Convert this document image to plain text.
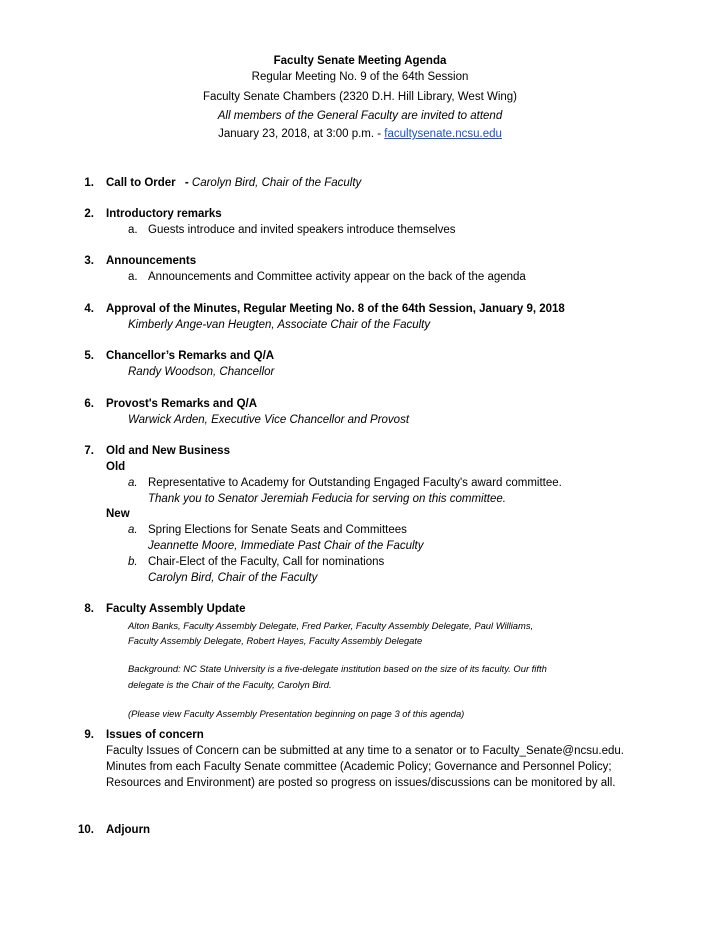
Faculty Senate Meeting Agenda
Regular Meeting No. 9 of the 64th Session
Faculty Senate Chambers (2320 D.H. Hill Library, West Wing)
All members of the General Faculty are invited to attend
January 23, 2018, at 3:00 p.m. - facultysenate.ncsu.edu
1. Call to Order - Carolyn Bird, Chair of the Faculty
2. Introductory remarks
a. Guests introduce and invited speakers introduce themselves
3. Announcements
a. Announcements and Committee activity appear on the back of the agenda
4. Approval of the Minutes, Regular Meeting No. 8 of the 64th Session, January 9, 2018
Kimberly Ange-van Heugten, Associate Chair of the Faculty
5. Chancellor’s Remarks and Q/A
Randy Woodson, Chancellor
6. Provost's Remarks and Q/A
Warwick Arden, Executive Vice Chancellor and Provost
7. Old and New Business
Old
a. Representative to Academy for Outstanding Engaged Faculty's award committee.
Thank you to Senator Jeremiah Feducia for serving on this committee.
New
a. Spring Elections for Senate Seats and Committees
Jeannette Moore, Immediate Past Chair of the Faculty
b. Chair-Elect of the Faculty, Call for nominations
Carolyn Bird, Chair of the Faculty
8. Faculty Assembly Update
Alton Banks, Faculty Assembly Delegate, Fred Parker, Faculty Assembly Delegate, Paul Williams,
Faculty Assembly Delegate, Robert Hayes, Faculty Assembly Delegate
Background: NC State University is a five-delegate institution based on the size of its faculty. Our fifth
delegate is the Chair of the Faculty, Carolyn Bird.
(Please view Faculty Assembly Presentation beginning on page 3 of this agenda)
9. Issues of concern
Faculty Issues of Concern can be submitted at any time to a senator or to Faculty_Senate@ncsu.edu.
Minutes from each Faculty Senate committee (Academic Policy; Governance and Personnel Policy;
Resources and Environment) are posted so progress on issues/discussions can be monitored by all.
10. Adjourn
